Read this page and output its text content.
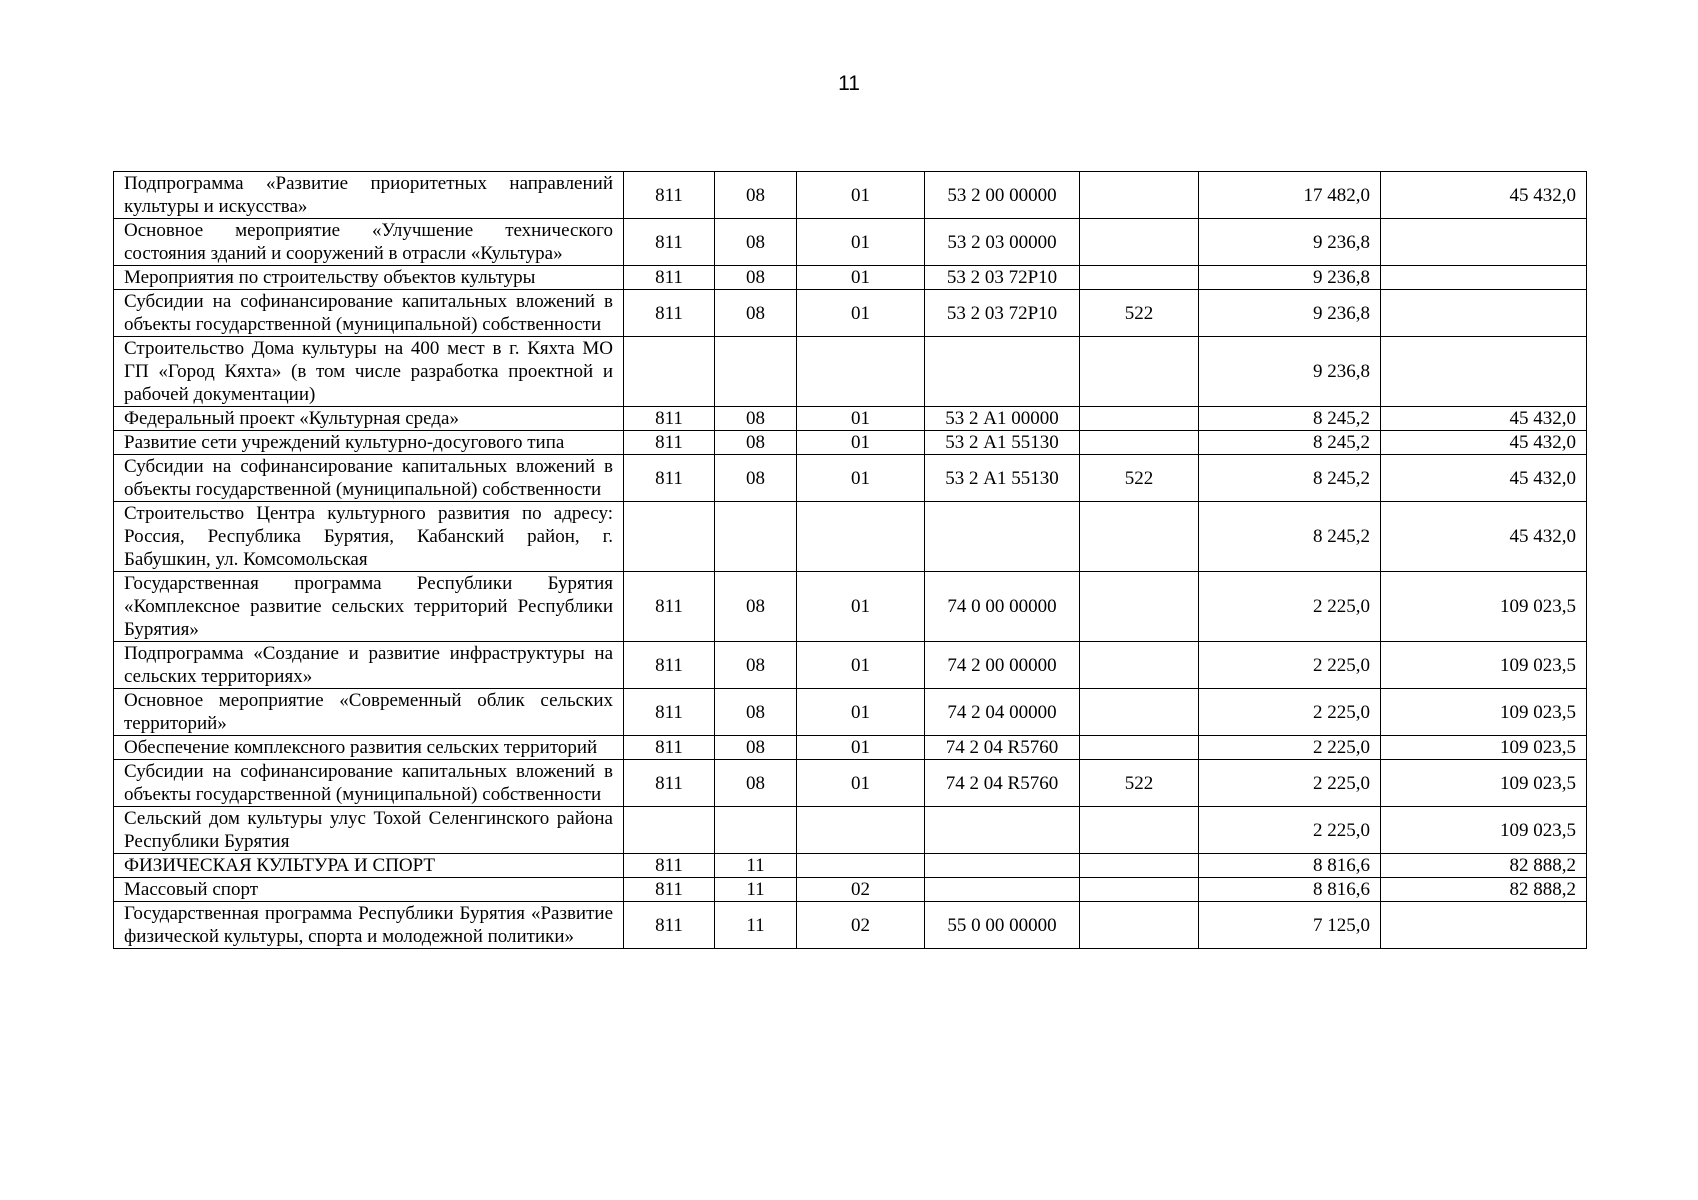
11
Подпрограмма «Развитие приоритетных направлений культуры и искусства»	811	08	01	53 2 00 00000		17 482,0	45 432,0
Основное мероприятие «Улучшение технического состояния зданий и сооружений в отрасли «Культура»	811	08	01	53 2 03 00000		9 236,8	
Мероприятия по строительству объектов культуры	811	08	01	53 2 03 72Р10		9 236,8	
Субсидии на софинансирование капитальных вложений в объекты государственной (муниципальной) собственности	811	08	01	53 2 03 72Р10	522	9 236,8	
Строительство Дома культуры на 400 мест в г. Кяхта МО ГП «Город Кяхта» (в том числе разработка проектной и рабочей документации)						9 236,8	
Федеральный проект «Культурная среда»	811	08	01	53 2 А1 00000		8 245,2	45 432,0
Развитие сети учреждений культурно-досугового типа	811	08	01	53 2 А1 55130		8 245,2	45 432,0
Субсидии на софинансирование капитальных вложений в объекты государственной (муниципальной) собственности	811	08	01	53 2 А1 55130	522	8 245,2	45 432,0
Строительство Центра культурного развития по адресу: Россия, Республика Бурятия, Кабанский район, г. Бабушкин, ул. Комсомольская						8 245,2	45 432,0
Государственная программа Республики Бурятия «Комплексное развитие сельских территорий Республики Бурятия»	811	08	01	74 0 00 00000		2 225,0	109 023,5
Подпрограмма «Создание и развитие инфраструктуры на сельских территориях»	811	08	01	74 2 00 00000		2 225,0	109 023,5
Основное мероприятие «Современный облик сельских территорий»	811	08	01	74 2 04 00000		2 225,0	109 023,5
Обеспечение комплексного развития сельских территорий	811	08	01	74 2 04 R5760		2 225,0	109 023,5
Субсидии на софинансирование капитальных вложений в объекты государственной (муниципальной) собственности	811	08	01	74 2 04 R5760	522	2 225,0	109 023,5
Сельский дом культуры улус Тохой Селенгинского района Республики Бурятия						2 225,0	109 023,5
ФИЗИЧЕСКАЯ КУЛЬТУРА И СПОРТ	811	11				8 816,6	82 888,2
Массовый спорт	811	11	02			8 816,6	82 888,2
Государственная программа Республики Бурятия «Развитие физической культуры, спорта и молодежной политики»	811	11	02	55 0 00 00000		7 125,0	
